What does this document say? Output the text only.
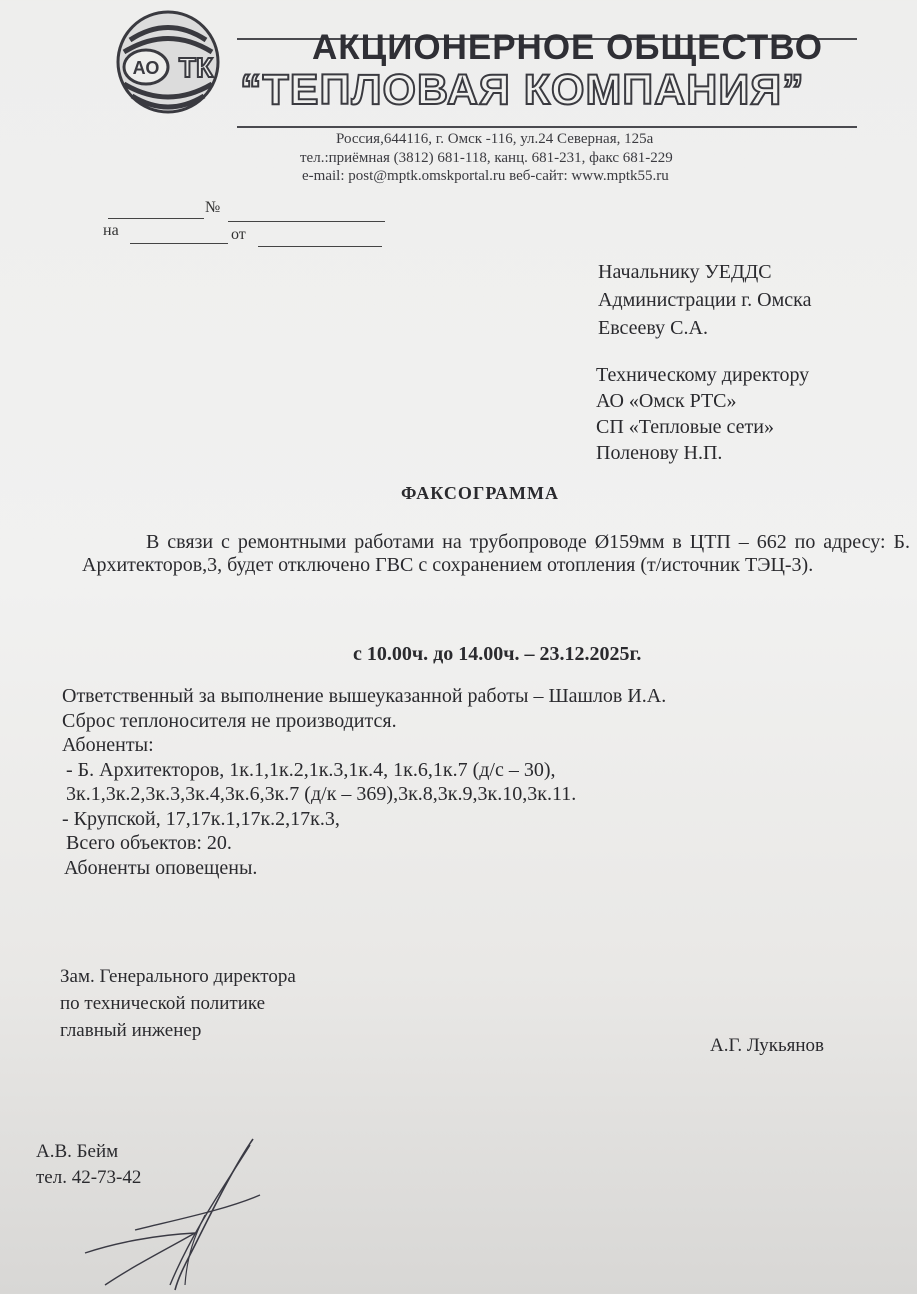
АО ТК
АКЦИОНЕРНОЕ ОБЩЕСТВО
“ТЕПЛОВАЯ КОМПАНИЯ”
Россия,644116, г. Омск -116, ул.24 Северная, 125а
тел.:приёмная (3812) 681-118, канц. 681-231, факс 681-229
e-mail: post@mptk.omskportal.ru веб-сайт: www.mptk55.ru
№
на	от
Начальнику УЕДДС
Администрации г. Омска
Евсееву С.А.
Техническому директору
АО «Омск РТС»
СП «Тепловые сети»
Поленову Н.П.
ФАКСОГРАММА
В связи с ремонтными работами на трубопроводе Ø159мм в ЦТП – 662 по адресу: Б. Архитекторов,3, будет отключено ГВС с сохранением отопления (т/источник ТЭЦ-3).
с 10.00ч. до 14.00ч. – 23.12.2025г.
Ответственный за выполнение вышеуказанной работы – Шашлов И.А.
Сброс теплоносителя не производится.
Абоненты:
- Б. Архитекторов, 1к.1,1к.2,1к.3,1к.4, 1к.6,1к.7 (д/с – 30),
3к.1,3к.2,3к.3,3к.4,3к.6,3к.7 (д/к – 369),3к.8,3к.9,3к.10,3к.11.
- Крупской, 17,17к.1,17к.2,17к.3,
Всего объектов: 20.
Абоненты оповещены.
Зам. Генерального директора
по технической политике
главный инженер
А.Г. Лукьянов
А.В. Бейм
тел. 42-73-42
